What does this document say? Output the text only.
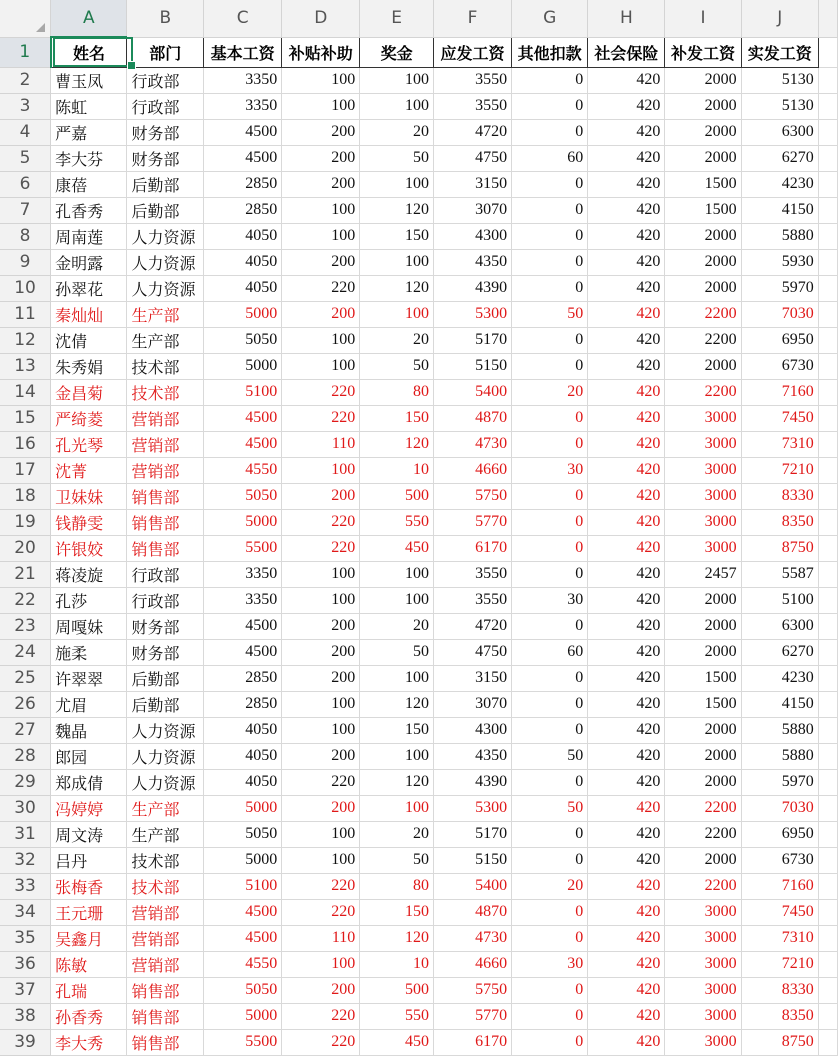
	A	B	C	D	E	F	G	H	I	J	
1	姓名	部门	基本工资	补贴补助	奖金	应发工资	其他扣款	社会保险	补发工资	实发工资	
2	曹玉凤	行政部	3350	100	100	3550	0	420	2000	5130	
3	陈虹	行政部	3350	100	100	3550	0	420	2000	5130	
4	严嘉	财务部	4500	200	20	4720	0	420	2000	6300	
5	李大芬	财务部	4500	200	50	4750	60	420	2000	6270	
6	康蓓	后勤部	2850	200	100	3150	0	420	1500	4230	
7	孔香秀	后勤部	2850	100	120	3070	0	420	1500	4150	
8	周南莲	人力资源	4050	100	150	4300	0	420	2000	5880	
9	金明露	人力资源	4050	200	100	4350	0	420	2000	5930	
10	孙翠花	人力资源	4050	220	120	4390	0	420	2000	5970	
11	秦灿灿	生产部	5000	200	100	5300	50	420	2200	7030	
12	沈倩	生产部	5050	100	20	5170	0	420	2200	6950	
13	朱秀娟	技术部	5000	100	50	5150	0	420	2000	6730	
14	金昌菊	技术部	5100	220	80	5400	20	420	2200	7160	
15	严绮菱	营销部	4500	220	150	4870	0	420	3000	7450	
16	孔光琴	营销部	4500	110	120	4730	0	420	3000	7310	
17	沈菁	营销部	4550	100	10	4660	30	420	3000	7210	
18	卫妹妹	销售部	5050	200	500	5750	0	420	3000	8330	
19	钱静雯	销售部	5000	220	550	5770	0	420	3000	8350	
20	许银姣	销售部	5500	220	450	6170	0	420	3000	8750	
21	蒋凌旋	行政部	3350	100	100	3550	0	420	2457	5587	
22	孔莎	行政部	3350	100	100	3550	30	420	2000	5100	
23	周嘎妹	财务部	4500	200	20	4720	0	420	2000	6300	
24	施柔	财务部	4500	200	50	4750	60	420	2000	6270	
25	许翠翠	后勤部	2850	200	100	3150	0	420	1500	4230	
26	尤眉	后勤部	2850	100	120	3070	0	420	1500	4150	
27	魏晶	人力资源	4050	100	150	4300	0	420	2000	5880	
28	郎园	人力资源	4050	200	100	4350	50	420	2000	5880	
29	郑成倩	人力资源	4050	220	120	4390	0	420	2000	5970	
30	冯婷婷	生产部	5000	200	100	5300	50	420	2200	7030	
31	周文涛	生产部	5050	100	20	5170	0	420	2200	6950	
32	吕丹	技术部	5000	100	50	5150	0	420	2000	6730	
33	张梅香	技术部	5100	220	80	5400	20	420	2200	7160	
34	王元珊	营销部	4500	220	150	4870	0	420	3000	7450	
35	吴鑫月	营销部	4500	110	120	4730	0	420	3000	7310	
36	陈敏	营销部	4550	100	10	4660	30	420	3000	7210	
37	孔瑞	销售部	5050	200	500	5750	0	420	3000	8330	
38	孙香秀	销售部	5000	220	550	5770	0	420	3000	8350	
39	李大秀	销售部	5500	220	450	6170	0	420	3000	8750	
